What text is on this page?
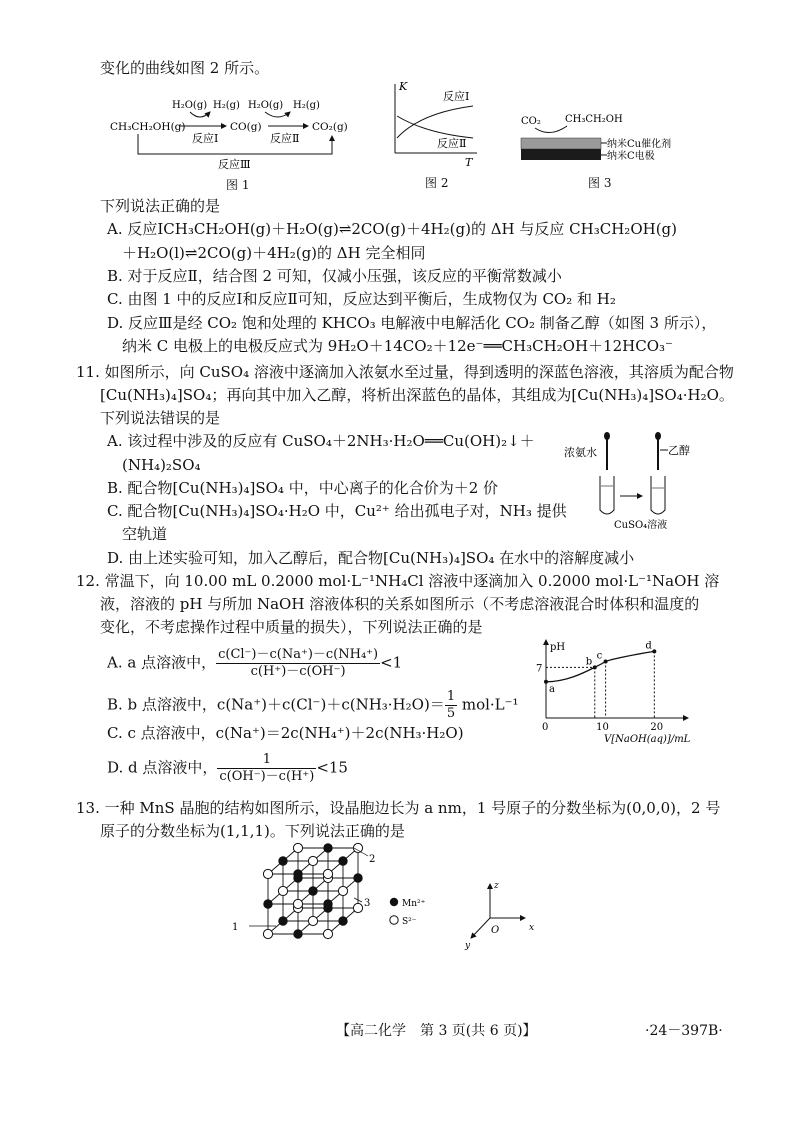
变化的曲线如图 2 所示。
H₂O(g) H₂(g) H₂O(g) H₂(g)
CH₃CH₂OH(g)	CO(g)	CO₂(g)
反应Ⅰ	反应Ⅱ
反应Ⅲ
图 1
K
T
反应Ⅰ
反应Ⅱ
图 2
CO₂ CH₃CH₂OH
纳米Cu催化剂
纳米C电极
图 3
下列说法正确的是
A. 反应ⅠCH₃CH₂OH(g)＋H₂O(g)⇌2CO(g)＋4H₂(g)的 ΔH 与反应 CH₃CH₂OH(g)
＋H₂O(l)⇌2CO(g)＋4H₂(g)的 ΔH 完全相同
B. 对于反应Ⅱ，结合图 2 可知，仅减小压强，该反应的平衡常数减小
C. 由图 1 中的反应Ⅰ和反应Ⅱ可知，反应达到平衡后，生成物仅为 CO₂ 和 H₂
D. 反应Ⅲ是经 CO₂ 饱和处理的 KHCO₃ 电解液中电解活化 CO₂ 制备乙醇（如图 3 所示），
纳米 C 电极上的电极反应式为 9H₂O＋14CO₂＋12e⁻══CH₃CH₂OH＋12HCO₃⁻
11. 如图所示，向 CuSO₄ 溶液中逐滴加入浓氨水至过量，得到透明的深蓝色溶液，其溶质为配合物
[Cu(NH₃)₄]SO₄；再向其中加入乙醇，将析出深蓝色的晶体，其组成为[Cu(NH₃)₄]SO₄·H₂O。
下列说法错误的是
A. 该过程中涉及的反应有 CuSO₄＋2NH₃·H₂O══Cu(OH)₂↓＋
(NH₄)₂SO₄
B. 配合物[Cu(NH₃)₄]SO₄ 中，中心离子的化合价为＋2 价
C. 配合物[Cu(NH₃)₄]SO₄·H₂O 中，Cu²⁺ 给出孤电子对，NH₃ 提供
空轨道
D. 由上述实验可知，加入乙醇后，配合物[Cu(NH₃)₄]SO₄ 在水中的溶解度减小
浓氨水	乙醇
CuSO₄溶液
12. 常温下，向 10.00 mL 0.2000 mol·L⁻¹NH₄Cl 溶液中逐滴加入 0.2000 mol·L⁻¹NaOH 溶
液，溶液的 pH 与所加 NaOH 溶液体积的关系如图所示（不考虑溶液混合时体积和温度的
变化，不考虑操作过程中质量的损失），下列说法正确的是
A. a 点溶液中， $\frac{\text{c(Cl⁻)－c(Na⁺)－c(NH₄⁺)}}{c(H^+)-c(OH^-)} <1$
B. b 点溶液中，$c(Na^+)+c(Cl^-)+c(NH_3\cdot H_2O)= \frac{1}{5} mol\cdot L^{-1}$
C. c 点溶液中，c(Na⁺)＝2c(NH₄⁺)＋2c(NH₃·H₂O)
D. d 点溶液中， $\frac{1}{c(OH^-)-c(H^+)} <15$
pH
V[NaOH(aq)]/mL
0	10	20
7
a
b
c
d
13. 一种 MnS 晶胞的结构如图所示，设晶胞边长为 a nm，1 号原子的分数坐标为(0,0,0)，2 号
原子的分数坐标为(1,1,1)。下列说法正确的是
1
2
3	Mn²⁺
S²⁻
z
x
y
O
【高二化学　第 3 页(共 6 页)】	·24－397B·
